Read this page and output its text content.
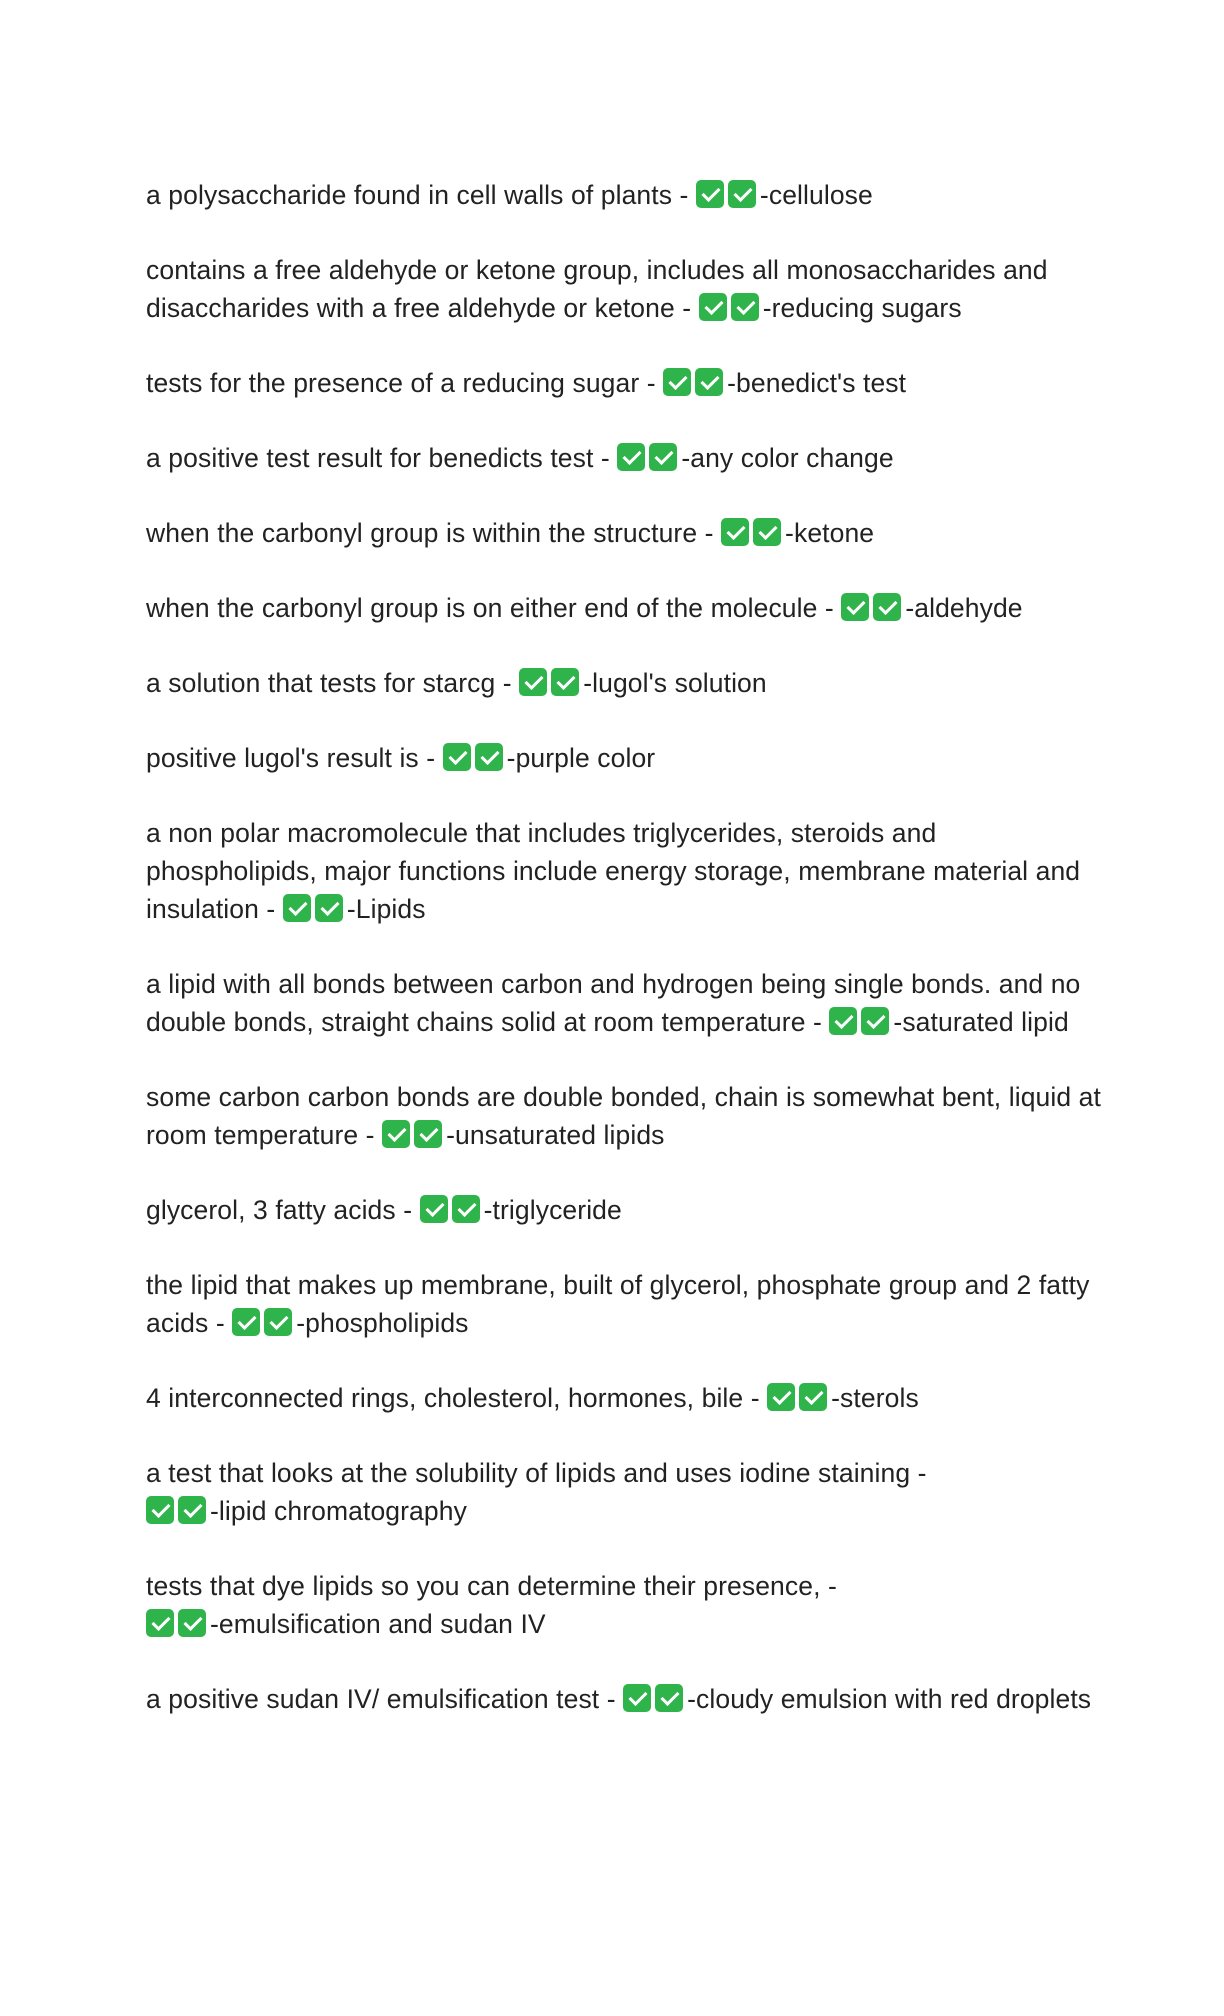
a polysaccharide found in cell walls of plants -	-cellulose

contains a free aldehyde or ketone group, includes all monosaccharides and disaccharides with a free aldehyde or ketone -	-reducing sugars

tests for the presence of a reducing sugar -	-benedict's test

a positive test result for benedicts test -	-any color change

when the carbonyl group is within the structure -	-ketone

when the carbonyl group is on either end of the molecule -	-aldehyde

a solution that tests for starcg -	-lugol's solution

positive lugol's result is -	-purple color

a non polar macromolecule that includes triglycerides, steroids and phospholipids, major functions include energy storage, membrane material and insulation -	-Lipids

a lipid with all bonds between carbon and hydrogen being single bonds. and no double bonds, straight chains solid at room temperature -	-saturated lipid

some carbon carbon bonds are double bonded, chain is somewhat bent, liquid at room temperature -	-unsaturated lipids

glycerol, 3 fatty acids -	-triglyceride

the lipid that makes up membrane, built of glycerol, phosphate group and 2 fatty acids -	-phospholipids

4 interconnected rings, cholesterol, hormones, bile -	-sterols

a test that looks at the solubility of lipids and uses iodine staining - -lipid chromatography

tests that dye lipids so you can determine their presence, - -emulsification and sudan IV

a positive sudan IV/ emulsification test -	-cloudy emulsion with red droplets
